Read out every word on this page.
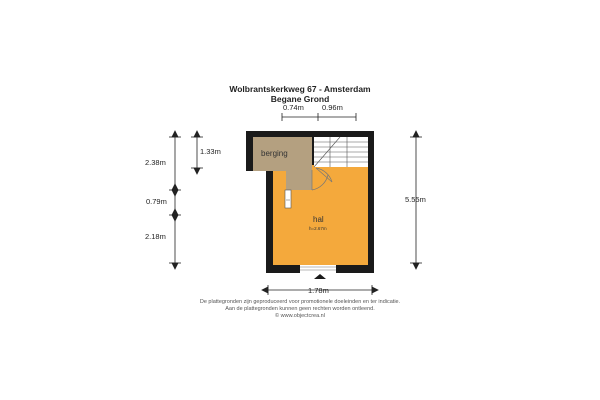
Wolbrantskerkweg 67 - Amsterdam
Begane Grond
0.74m 0.96m
2.38m
1.33m
0.79m
2.18m
5.55m
1.78m
berging
hal
h=2.67m
De plattegronden zijn geproduceerd voor promotionele doeleinden en ter indicatie.
Aan de plattegronden kunnen geen rechten worden ontleend.
© www.objectcrea.nl
